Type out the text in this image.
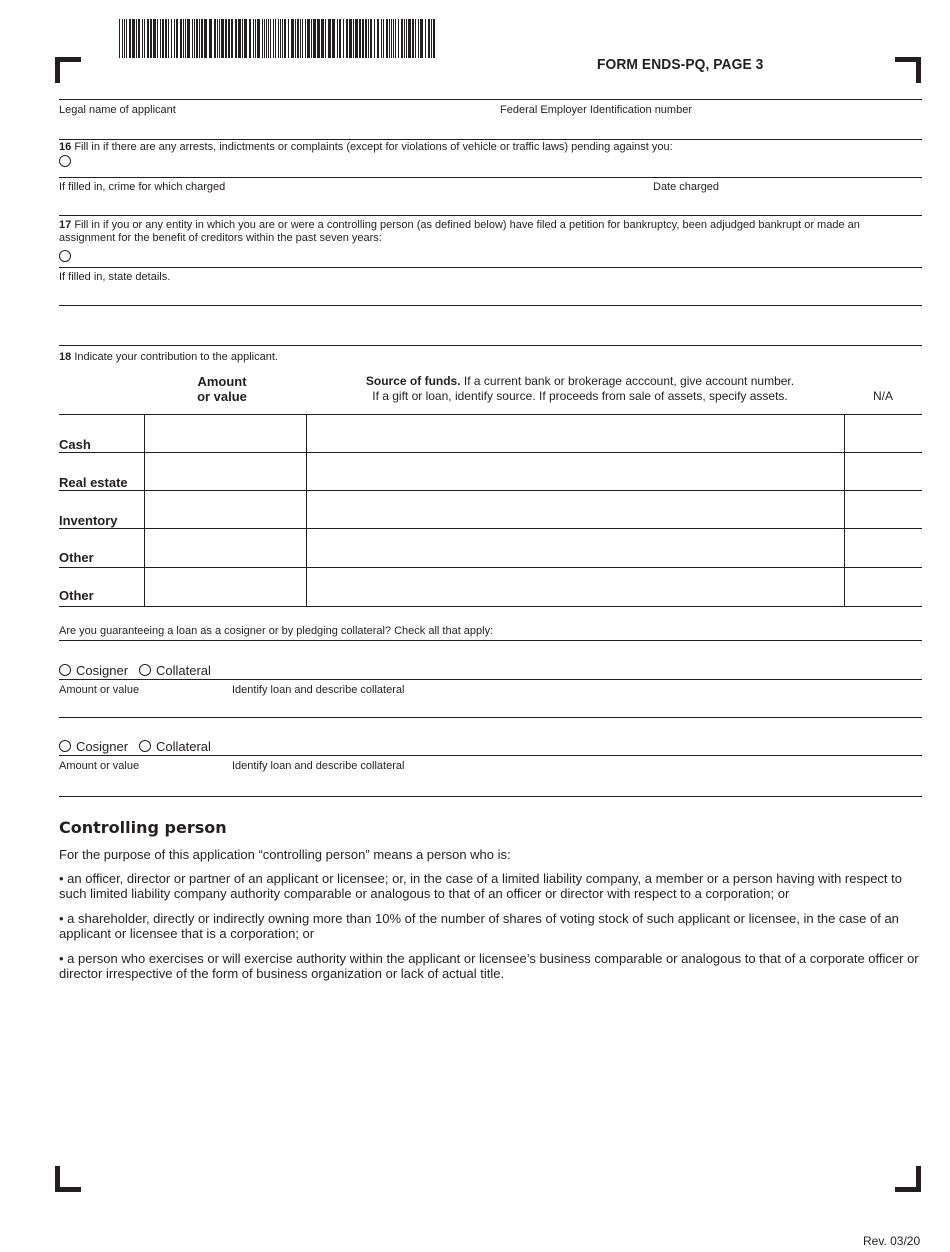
FORM ENDS-PQ, PAGE 3
Legal name of applicant	Federal Employer Identification number
16 Fill in if there are any arrests, indictments or complaints (except for violations of vehicle or traffic laws) pending against you:
If filled in, crime for which charged	Date charged
17 Fill in if you or any entity in which you are or were a controlling person (as defined below) have filed a petition for bankruptcy, been adjudged bankrupt or made an assignment for the benefit of creditors within the past seven years:
If filled in, state details.
18 Indicate your contribution to the applicant.
Amount
or value
Source of funds. If a current bank or brokerage acccount, give account number.
If a gift or loan, identify source. If proceeds from sale of assets, specify assets.	N/A
Cash
Real estate
Inventory
Other
Other
Are you guaranteeing a loan as a cosigner or by pledging collateral? Check all that apply:
Cosigner Collateral
Amount or value	Identify loan and describe collateral
Cosigner Collateral
Amount or value	Identify loan and describe collateral
Controlling person
For the purpose of this application “controlling person” means a person who is:
• an officer, director or partner of an applicant or licensee; or, in the case of a limited liability company, a member or a person having with respect to such limited liability company authority comparable or analogous to that of an officer or director with respect to a corporation; or
• a shareholder, directly or indirectly owning more than 10% of the number of shares of voting stock of such applicant or licensee, in the case of an applicant or licensee that is a corporation; or
• a person who exercises or will exercise authority within the applicant or licensee’s business comparable or analogous to that of a corporate officer or director irrespective of the form of business organization or lack of actual title.
Rev. 03/20
